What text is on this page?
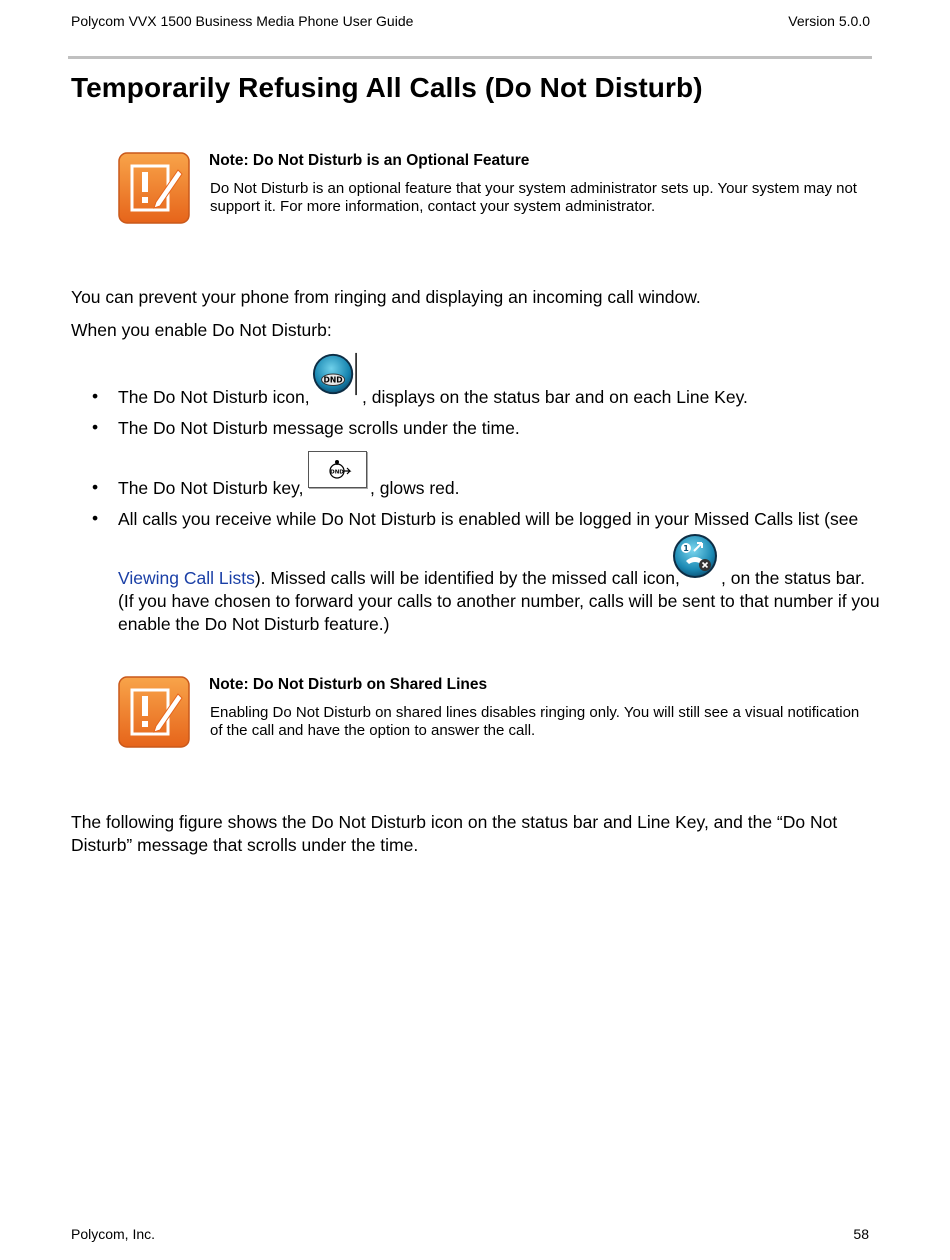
Polycom VVX 1500 Business Media Phone User Guide	Version 5.0.0
Temporarily Refusing All Calls (Do Not Disturb)
Note: Do Not Disturb is an Optional Feature
Do Not Disturb is an optional feature that your system administrator sets up. Your system may not
support it. For more information, contact your system administrator.
You can prevent your phone from ringing and displaying an incoming call window.
When you enable Do Not Disturb:
• The Do Not Disturb icon,
DND
, displays on the status bar and on each Line Key.
• The Do Not Disturb message scrolls under the time.
• The Do Not Disturb key,
DND
, glows red.
• All calls you receive while Do Not Disturb is enabled will be logged in your Missed Calls list (see
Viewing Call Lists). Missed calls will be identified by the missed call icon,
1
, on the status bar.
(If you have chosen to forward your calls to another number, calls will be sent to that number if you
enable the Do Not Disturb feature.)
Note: Do Not Disturb on Shared Lines
Enabling Do Not Disturb on shared lines disables ringing only. You will still see a visual notification
of the call and have the option to answer the call.
The following figure shows the Do Not Disturb icon on the status bar and Line Key, and the “Do Not
Disturb” message that scrolls under the time.
Polycom, Inc.	58
